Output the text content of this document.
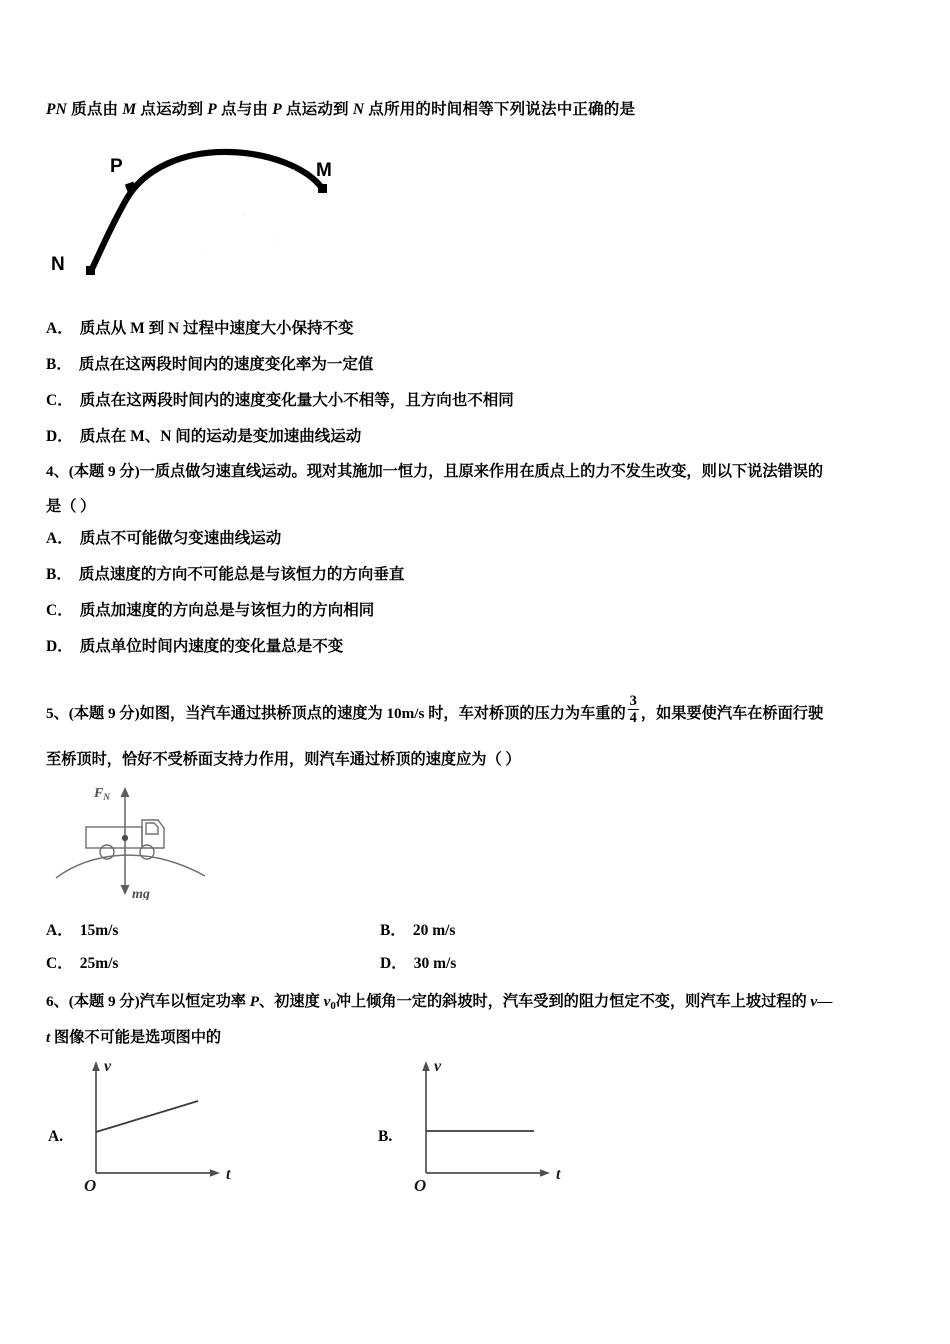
PN 质点由 M 点运动到 P 点与由 P 点运动到 N 点所用的时间相等下列说法中正确的是
M
P
N
A． 质点从 M 到 N 过程中速度大小保持不变
B． 质点在这两段时间内的速度变化率为一定值
C． 质点在这两段时间内的速度变化量大小不相等，且方向也不相同
D． 质点在 M、N 间的运动是变加速曲线运动
4、(本题 9 分)一质点做匀速直线运动。现对其施加一恒力，且原来作用在质点上的力不发生改变，则以下说法错误的
是（ ）
A． 质点不可能做匀变速曲线运动
B． 质点速度的方向不可能总是与该恒力的方向垂直
C． 质点加速度的方向总是与该恒力的方向相同
D． 质点单位时间内速度的变化量总是不变
5、(本题 9 分)如图，当汽车通过拱桥顶点的速度为 10m/s 时，车对桥顶的压力为车重的 $\frac{3}{4}$ ，如果要使汽车在桥面行驶
至桥顶时，恰好不受桥面支持力作用，则汽车通过桥顶的速度应为（ ）
$F_N$
mg
A． 15m/s	B． 20 m/s
C． 25m/s	D． 30 m/s
6、(本题 9 分)汽车以恒定功率 P、初速度 $v_0$冲上倾角一定的斜坡时，汽车受到的阻力恒定不变，则汽车上坡过程的 v—
t 图像不可能是选项图中的
A.
v
t
O
B.
v
t
O
